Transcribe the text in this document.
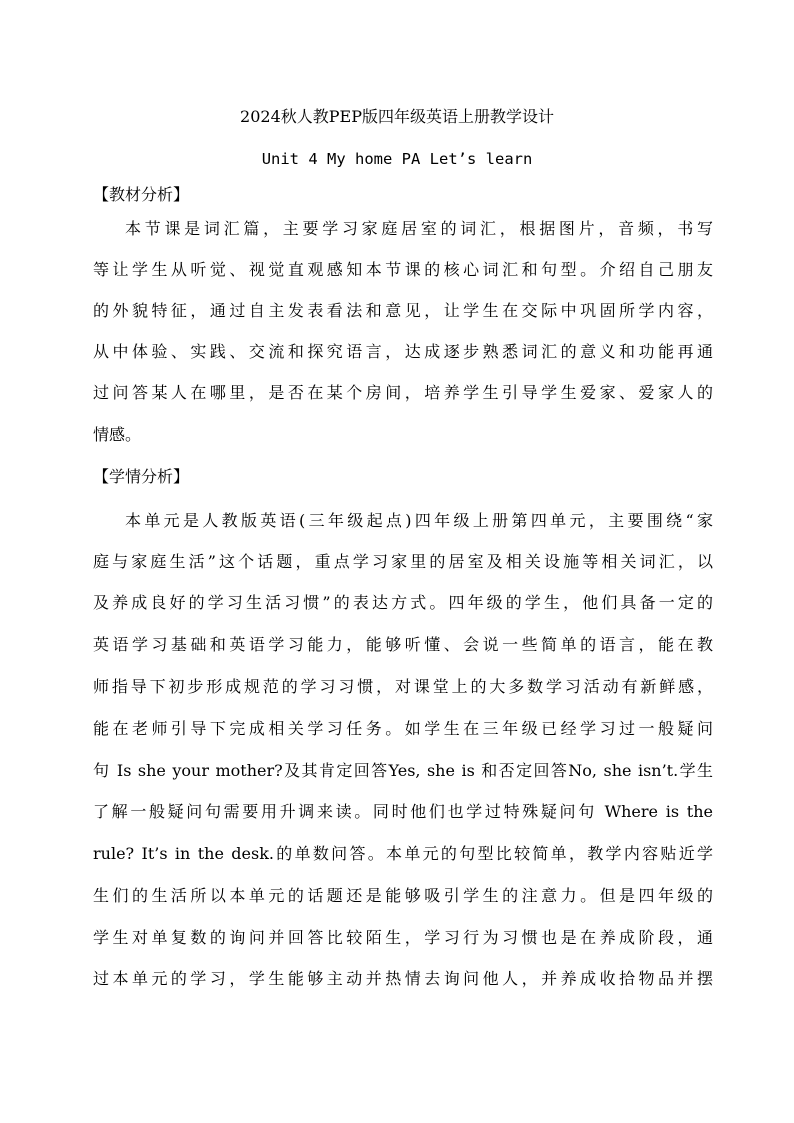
2024秋人教PEP版四年级英语上册教学设计
Unit 4 My home PA Let’s learn
【教材分析】
本节课是词汇篇，主要学习家庭居室的词汇，根据图片，音频，书写
等让学生从听觉、视觉直观感知本节课的核心词汇和句型。介绍自己朋友
的外貌特征，通过自主发表看法和意见，让学生在交际中巩固所学内容，
从中体验、实践、交流和探究语言，达成逐步熟悉词汇的意义和功能再通
过问答某人在哪里，是否在某个房间，培养学生引导学生爱家、爱家人的
情感。
【学情分析】
本单元是人教版英语(三年级起点)四年级上册第四单元，主要围绕“家
庭与家庭生活”这个话题，重点学习家里的居室及相关设施等相关词汇，以
及养成良好的学习生活习惯”的表达方式。四年级的学生，他们具备一定的
英语学习基础和英语学习能力，能够听懂、会说一些简单的语言，能在教
师指导下初步形成规范的学习习惯，对课堂上的大多数学习活动有新鲜感，
能在老师引导下完成相关学习任务。如学生在三年级已经学习过一般疑问
句 Is she your mother?及其肯定回答Yes, she is 和否定回答No, she isn’t.学生
了解一般疑问句需要用升调来读。同时他们也学过特殊疑问句 Where is the
rule? It’s in the desk.的单数问答。本单元的句型比较简单，教学内容贴近学
生们的生活所以本单元的话题还是能够吸引学生的注意力。但是四年级的
学生对单复数的询问并回答比较陌生，学习行为习惯也是在养成阶段，通
过本单元的学习，学生能够主动并热情去询问他人，并养成收拾物品并摆
